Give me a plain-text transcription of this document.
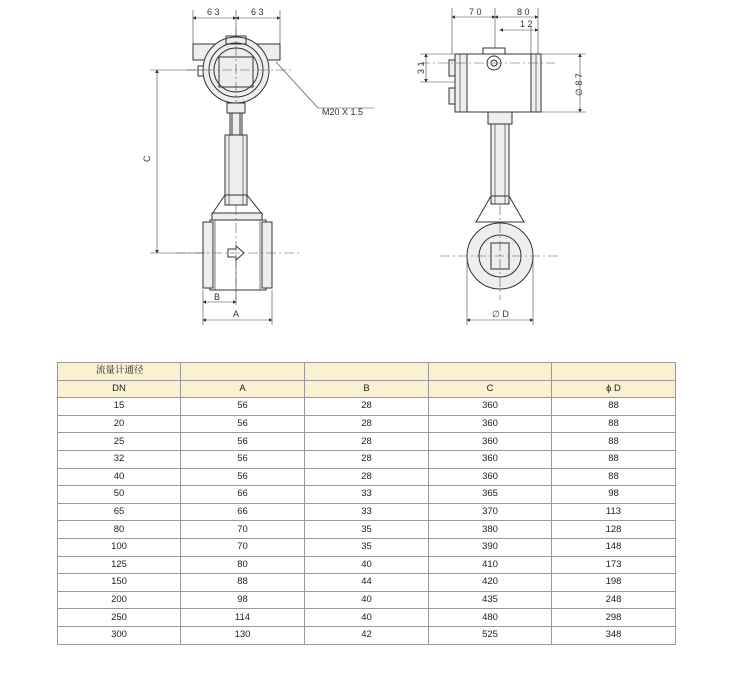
6 3	6 3
M20 X 1.5
C
B
A
7 0	8 0
1 2
3 1
∅ 8 7
∅ D
流量计通径				
DN	A	B	C	ϕ D
15	56	28	360	88
20	56	28	360	88
25	56	28	360	88
32	56	28	360	88
40	56	28	360	88
50	66	33	365	98
65	66	33	370	113
80	70	35	380	128
100	70	35	390	148
125	80	40	410	173
150	88	44	420	198
200	98	40	435	248
250	114	40	480	298
300	130	42	525	348
